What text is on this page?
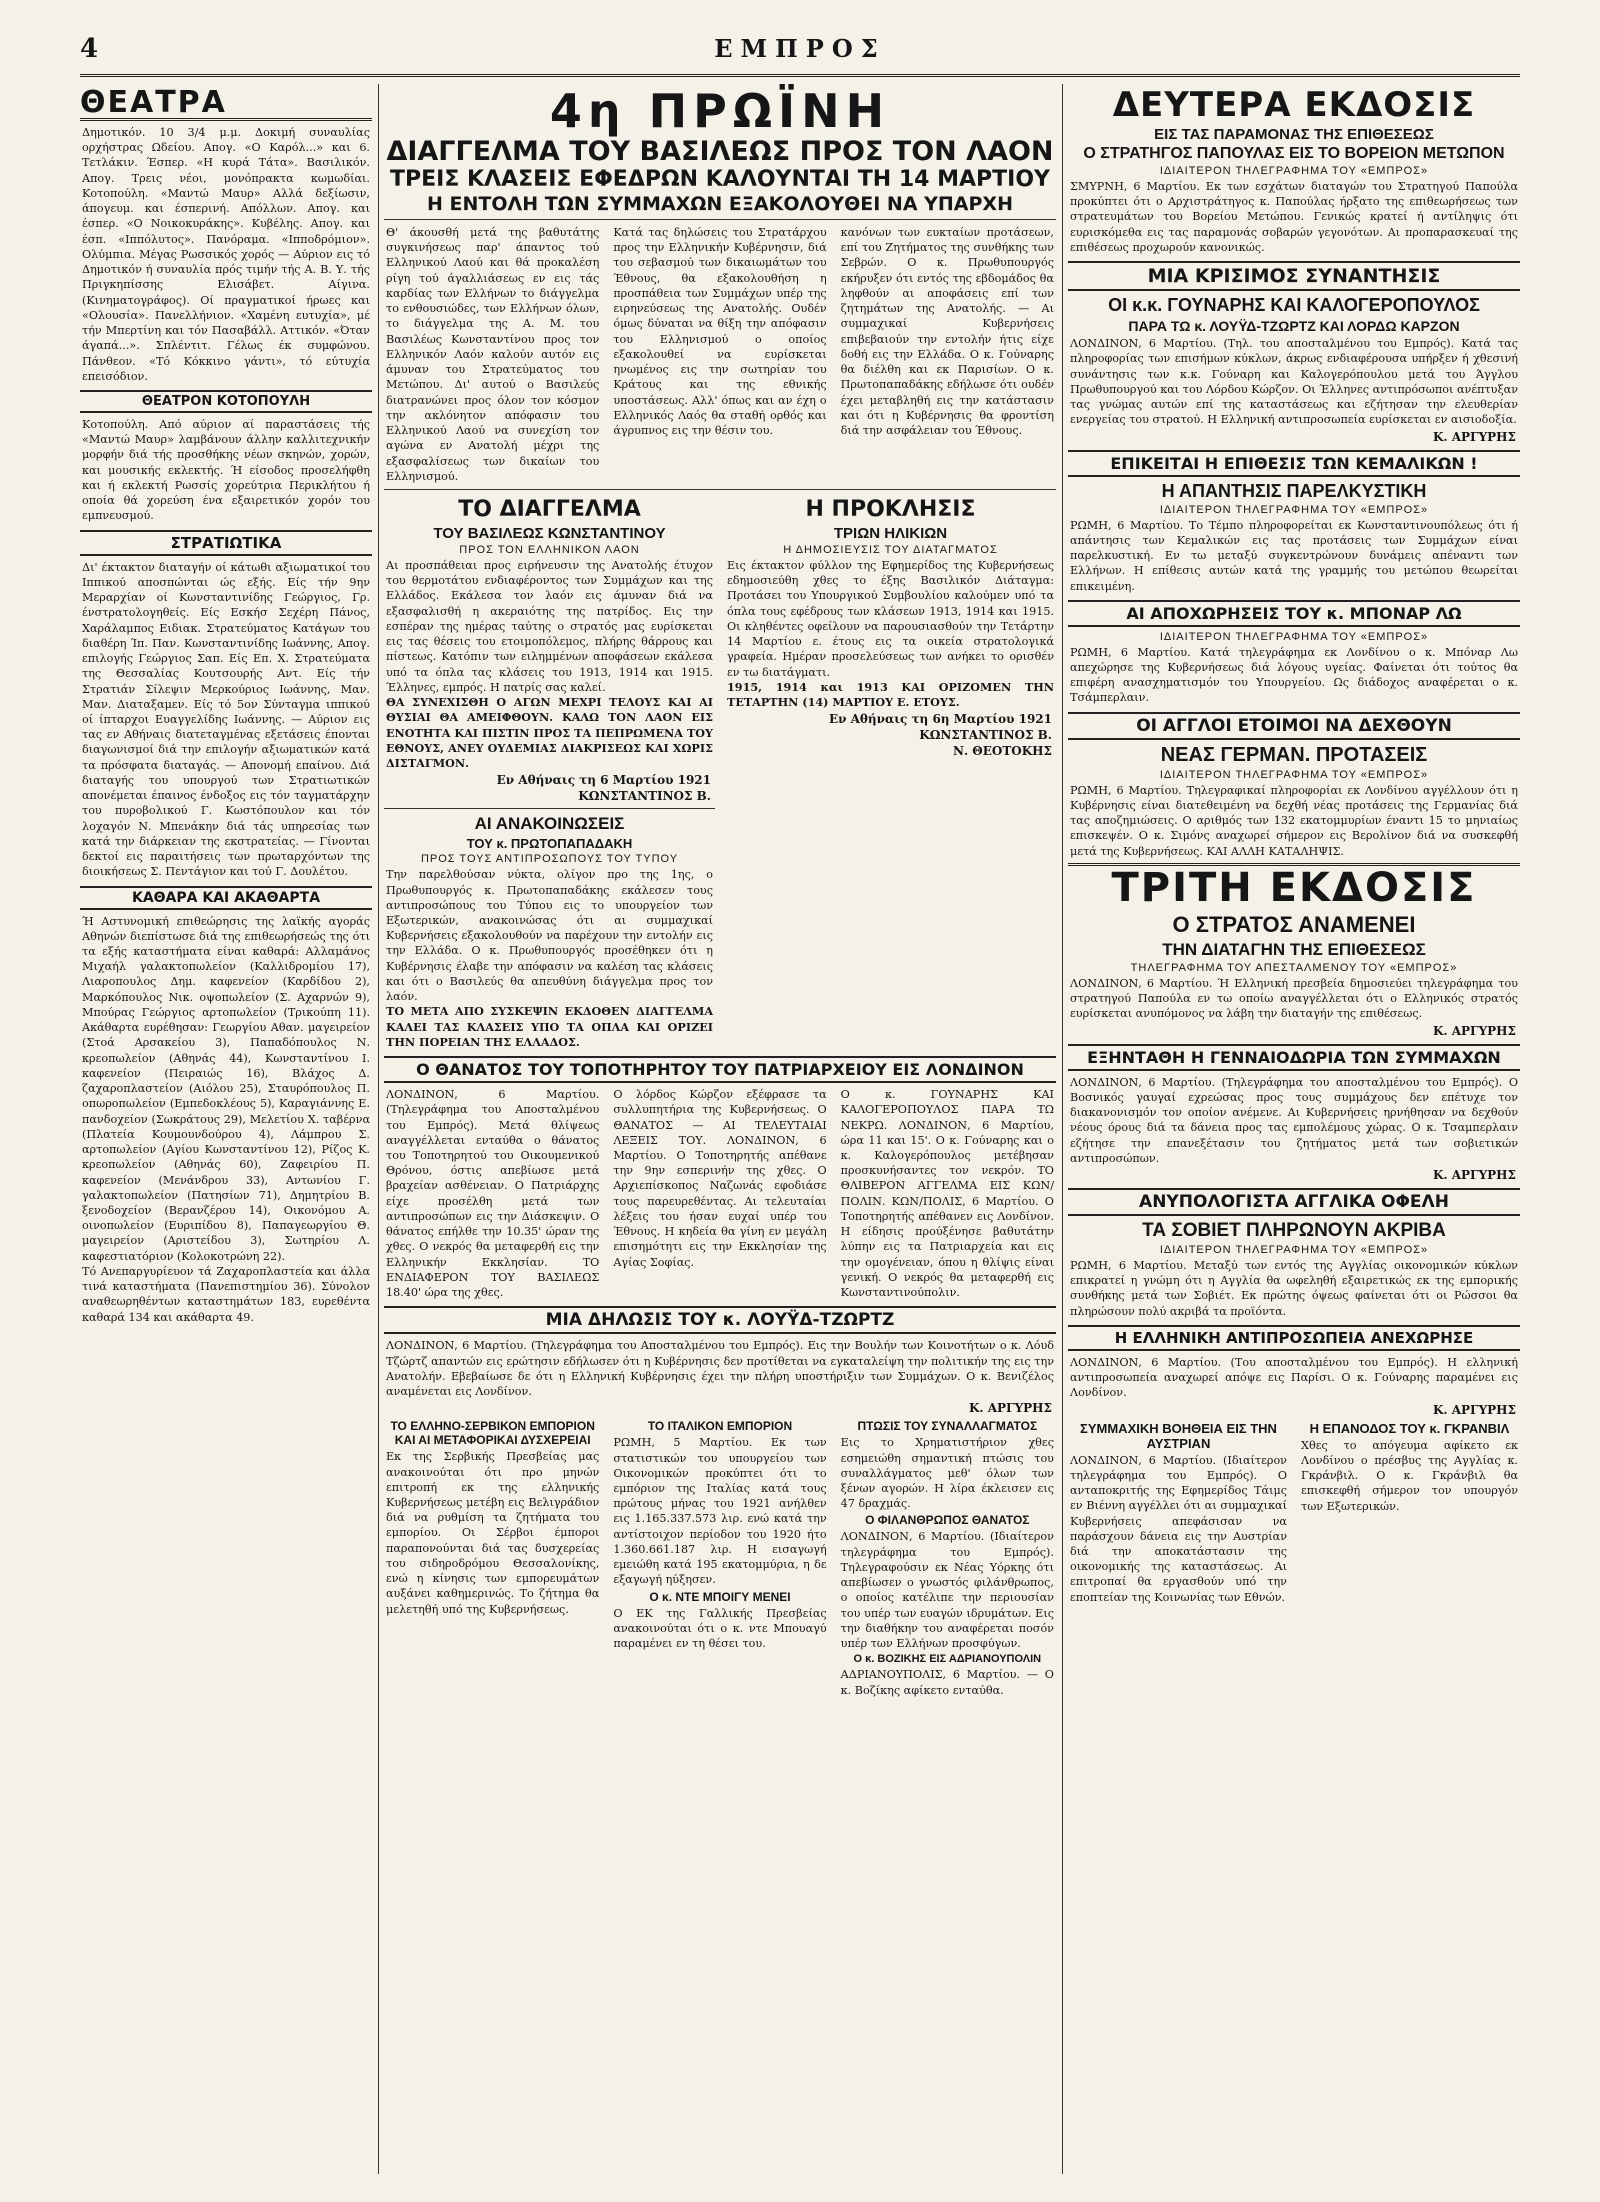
4	ΕΜΠΡΟΣ
ΘΕΑΤΡΑ

Δημοτικόν. 10 3/4 μ.μ. Δοκιμή συναυλίας ορχήστρας Ωδείου. Απογ. «Ο Καρόλ...» και 6. Τετλάκιν. Έσπερ. «Η κυρά Τάτα». Βασιλικόν. Απογ. Τρεις νέοι, μονόπρακτα κωμωδίαι. Κοτοπούλη. «Μαντώ Μαυρ» Αλλά δεξίωσιν, άπογευμ. και έσπερινή. Απόλλων. Απογ. και έσπερ. «Ο Νοικοκυράκης». Κυβέλης. Απογ. και έσπ. «Ιππόλυτος». Πανόραμα. «Ιπποδρόμιον». Ολύμπια. Μέγας Ρωσσικός χορός — Αύριον εις τό Δημοτικόν ή συναυλία πρός τιμήν τής Α. Β. Υ. τής Πριγκηπίσσης Ελισάβετ. Αίγινα. (Κινηματογράφος). Οί πραγματικοί ήρωες και «Ολουσία». Πανελλήνιον. «Χαμένη ευτυχία», μέ τήν Μπερτίνη και τόν Πασαβάλλ. Αττικόν. «Όταν άγαπά...». Σπλέντιτ. Γέλως έκ συμφώνου. Πάνθεον. «Τό Κόκκινο γάντι», τό εύτυχία επεισόδιον.

ΘΕΑΤΡΟΝ ΚΟΤΟΠΟΥΛΗ

Κοτοπούλη. Από αύριον αί παραστάσεις τής «Μαντώ Μαυρ» λαμβάνουν άλλην καλλιτεχνικήν μορφήν διά τής προσθήκης νέων σκηνών, χορών, και μουσικής εκλεκτής. Ή είσοδος προσελήφθη και ή εκλεκτή Ρωσσίς χορεύτρια Περικλήτου ή οποία θά χορεύση ένα εξαιρετικόν χορόν του εμπνευσμού.

ΣΤΡΑΤΙΩΤΙΚΑ

Δι' έκτακτον διαταγήν οί κάτωθι αξιωματικοί του Ιππικού αποσπώνται ώς εξής. Είς τήν 9ην Μεραρχίαν οί Κωνσταντινίδης Γεώργιος, Γρ. ένστρατολογηθείς. Είς Εσκήσ Σεχέρη Πάνος, Χαράλαμπος Ειδιακ. Στρατεύματος Κατάγων του διαθέρη Ίπ. Παν. Κωνσταντινίδης Ιωάννης, Απογ. επιλογής Γεώργιος Σαπ. Είς Επ. Χ. Στρατεύματα της Θεσσαλίας Κουτσουρής Αντ. Είς τήν Στρατιάν Σίλεψιν Μερκούριος Ιωάννης, Μαν. Μαν. Διαταξαμεν. Είς τό 5ον Σύνταγμα ιππικού οί ίπταρχοι Ευαγγελίδης Ιωάννης. — Αύριον εις τας εν Αθήναις διατεταγμένας εξετάσεις έπονται διαγωνισμοί διά την επιλογήν αξιωματικών κατά τα πρόσφατα διαταγάς. — Απονομή επαίνου. Διά διαταγής του υπουργού των Στρατιωτικών απονέμεται έπαινος ένδοξος εις τόν ταγματάρχην του πυροβολικού Γ. Κωστόπουλον και τόν λοχαγόν Ν. Μπενάκην διά τάς υπηρεσίας των κατά την διάρκειαν της εκστρατείας. — Γίνονται δεκτοί εις παραιτήσεις των πρωταρχόντων της διοικήσεως Σ. Πεντάγιον και τού Γ. Δουλέτου.

ΚΑΘΑΡΑ ΚΑΙ ΑΚΑΘΑΡΤΑ

Ή Αστυνομική επιθεώρησις της λαϊκής αγοράς Αθηνών διεπίστωσε διά της επιθεωρήσεώς της ότι τα εξής καταστήματα είναι καθαρά: Αλλαμάνος Μιχαήλ γαλακτοπωλείον (Καλλιδρομίου 17), Λιαροπουλος Δημ. καφενείον (Καρδίδου 2), Μαρκόπουλος Νικ. οψοπωλείον (Σ. Αχαρνών 9), Μπούρας Γεώργιος αρτοπωλείον (Τρικούπη 11). Ακάθαρτα ευρέθησαν: Γεωργίου Αθαν. μαγειρείον (Στοά Αρσακείου 3), Παπαδόπουλος Ν. κρεοπωλείον (Αθηνάς 44), Κωνσταντίνου Ι. καφενείον (Πειραιώς 16), Βλάχος Δ. ζαχαροπλαστείον (Αιόλου 25), Σταυρόπουλος Π. οπωροπωλείον (Εμπεδοκλέους 5), Καραγιάννης Ε. πανδοχείον (Σωκράτους 29), Μελετίου Χ. ταβέρνα (Πλατεία Κουμουνδούρου 4), Λάμπρου Σ. αρτοπωλείον (Αγίου Κωνσταντίνου 12), Ρίζος Κ. κρεοπωλείον (Αθηνάς 60), Ζαφειρίου Π. καφενείον (Μενάνδρου 33), Αντωνίου Γ. γαλακτοπωλείον (Πατησίων 71), Δημητρίου Β. ξενοδοχείον (Βερανζέρου 14), Οικονόμου Α. οινοπωλείον (Ευριπίδου 8), Παπαγεωργίου Θ. μαγειρείον (Αριστείδου 3), Σωτηρίου Λ. καφεστιατόριον (Κολοκοτρώνη 22).

Τό Ανεπαργυρίευον τά Ζαχαροπλαστεία και άλλα τινά καταστήματα (Πανεπιστημίου 36). Σύνολον αναθεωρηθέντων καταστημάτων 183, ευρεθέντα καθαρά 134 και ακάθαρτα 49.

4η ΠΡΩΪΝΗ
ΔΙΑΓΓΕΛΜΑ ΤΟΥ ΒΑΣΙΛΕΩΣ ΠΡΟΣ ΤΟΝ ΛΑΟΝ
ΤΡΕΙΣ ΚΛΑΣΕΙΣ ΕΦΕΔΡΩΝ ΚΑΛΟΥΝΤΑΙ ΤΗ 14 ΜΑΡΤΙΟΥ
Η ΕΝΤΟΛΗ ΤΩΝ ΣΥΜΜΑΧΩΝ ΕΞΑΚΟΛΟΥΘΕΙ ΝΑ ΥΠΑΡΧΗ

Θ' άκουσθή μετά της βαθυτάτης συγκινήσεως παρ' άπαντος τού Ελληνικού Λαού και θά προκαλέση ρίγη τού άγαλλιάσεως εν εις τάς καρδίας των Ελλήνων το διάγγελμα το ενθουσιώδες, των Ελλήνων όλων, το διάγγελμα της Α. Μ. του Βασιλέως Κωνσταντίνου προς τον Ελληνικόν Λαόν καλούν αυτόν εις άμυναν του Στρατεύματος του Μετώπου. Δι' αυτού ο Βασιλεύς διατρανώνει προς όλον τον κόσμον την ακλόνητον απόφασιν του Ελληνικού Λαού να συνεχίση τον αγώνα εν Ανατολή μέχρι της εξασφαλίσεως των δικαίων του Ελληνισμού.

Κατά τας δηλώσεις του Στρατάρχου προς την Ελληνικήν Κυβέρνησιν, διά του σεβασμού των δικαιωμάτων του Έθνους, θα εξακολουθήση η προσπάθεια των Συμμάχων υπέρ της ειρηνεύσεως της Ανατολής. Ουδέν όμως δύναται να θίξη την απόφασιν του Ελληνισμού ο οποίος εξακολουθεί να ευρίσκεται ηνωμένος εις την σωτηρίαν του Κράτους και της εθνικής υποστάσεως. Αλλ' όπως και αν έχη ο Ελληνικός Λαός θα σταθή ορθός και άγρυπνος εις την θέσιν του.

κανόνων των ευκταίων προτάσεων, επί του Ζητήματος της συνθήκης των Σεβρών. Ο κ. Πρωθυπουργός εκήρυξεν ότι εντός της εβδομάδος θα ληφθούν αι αποφάσεις επί των ζητημάτων της Ανατολής. — Αι συμμαχικαί Κυβερνήσεις επιβεβαιούν την εντολήν ήτις είχε δοθή εις την Ελλάδα. Ο κ. Γούναρης θα διέλθη και εκ Παρισίων. Ο κ. Πρωτοπαπαδάκης εδήλωσε ότι ουδέν έχει μεταβληθή εις την κατάστασιν και ότι η Κυβέρνησις θα φροντίση διά την ασφάλειαν του Έθνους.

ΤΟ ΔΙΑΓΓΕΛΜΑ
ΤΟΥ ΒΑΣΙΛΕΩΣ ΚΩΝΣΤΑΝΤΙΝΟΥ
ΠΡΟΣ ΤΟΝ ΕΛΛΗΝΙΚΟΝ ΛΑΟΝ

Αι προσπάθειαι προς ειρήνευσιν της Ανατολής έτυχον του θερμοτάτου ενδιαφέροντος των Συμμάχων και της Ελλάδος. Εκάλεσα τον λαόν εις άμυναν διά να εξασφαλισθή η ακεραιότης της πατρίδος. Εις την εσπέραν της ημέρας ταύτης ο στρατός μας ευρίσκεται εις τας θέσεις του ετοιμοπόλεμος, πλήρης θάρρους και πίστεως. Κατόπιν των ειλημμένων αποφάσεων εκάλεσα υπό τα όπλα τας κλάσεις του 1913, 1914 και 1915. Έλληνες, εμπρός. Η πατρίς σας καλεί.

ΘΑ ΣΥΝΕΧΙΣΘΗ Ο ΑΓΩΝ ΜΕΧΡΙ ΤΕΛΟΥΣ ΚΑΙ ΑΙ ΘΥΣΙΑΙ ΘΑ ΑΜΕΙΦΘΟΥΝ. ΚΑΛΩ ΤΟΝ ΛΑΟΝ ΕΙΣ ΕΝΟΤΗΤΑ ΚΑΙ ΠΙΣΤΙΝ ΠΡΟΣ ΤΑ ΠΕΠΡΩΜΕΝΑ ΤΟΥ ΕΘΝΟΥΣ, ΑΝΕΥ ΟΥΔΕΜΙΑΣ ΔΙΑΚΡΙΣΕΩΣ ΚΑΙ ΧΩΡΙΣ ΔΙΣΤΑΓΜΟΝ.

Εν Αθήναις τη 6 Μαρτίου 1921
ΚΩΝΣΤΑΝΤΙΝΟΣ Β.
ΑΙ ΑΝΑΚΟΙΝΩΣΕΙΣ
ΤΟΥ κ. ΠΡΩΤΟΠΑΠΑΔΑΚΗ
ΠΡΟΣ ΤΟΥΣ ΑΝΤΙΠΡΟΣΩΠΟΥΣ ΤΟΥ ΤΥΠΟΥ

Την παρελθούσαν νύκτα, ολίγον προ της 1ης, ο Πρωθυπουργός κ. Πρωτοπαπαδάκης εκάλεσεν τους αντιπροσώπους του Τύπου εις το υπουργείον των Εξωτερικών, ανακοινώσας ότι αι συμμαχικαί Κυβερνήσεις εξακολουθούν να παρέχουν την εντολήν εις την Ελλάδα. Ο κ. Πρωθυπουργός προσέθηκεν ότι η Κυβέρνησις έλαβε την απόφασιν να καλέση τας κλάσεις και ότι ο Βασιλεύς θα απευθύνη διάγγελμα προς τον λαόν.

ΤΟ ΜΕΤΑ ΑΠΟ ΣΥΣΚΕΨΙΝ ΕΚΔΟΘΕΝ ΔΙΑΓΓΕΛΜΑ ΚΑΛΕΙ ΤΑΣ ΚΛΑΣΕΙΣ ΥΠΟ ΤΑ ΟΠΛΑ ΚΑΙ ΟΡΙΖΕΙ ΤΗΝ ΠΟΡΕΙΑΝ ΤΗΣ ΕΛΛΑΔΟΣ.

Η ΠΡΟΚΛΗΣΙΣ
ΤΡΙΩΝ ΗΛΙΚΙΩΝ
Η ΔΗΜΟΣΙΕΥΣΙΣ ΤΟΥ ΔΙΑΤΑΓΜΑΤΟΣ

Εις έκτακτον φύλλον της Εφημερίδος της Κυβερνήσεως εδημοσιεύθη χθες το έξης Βασιλικόν Διάταγμα: Προτάσει του Υπουργικού Συμβουλίου καλούμεν υπό τα όπλα τους εφέδρους των κλάσεων 1913, 1914 και 1915. Οι κληθέντες οφείλουν να παρουσιασθούν την Τετάρτην 14 Μαρτίου ε. έτους εις τα οικεία στρατολογικά γραφεία. Ημέραν προσελεύσεως των ανήκει το ορισθέν εν τω διατάγματι.

1915, 1914 και 1913 ΚΑΙ ΟΡΙΖΟΜΕΝ ΤΗΝ ΤΕΤΑΡΤΗΝ (14) ΜΑΡΤΙΟΥ Ε. ΕΤΟΥΣ.

Εν Αθήναις τη 6η Μαρτίου 1921
ΚΩΝΣΤΑΝΤΙΝΟΣ Β.
Ν. ΘΕΟΤΟΚΗΣ
Ο ΘΑΝΑΤΟΣ ΤΟΥ ΤΟΠΟΤΗΡΗΤΟΥ ΤΟΥ ΠΑΤΡΙΑΡΧΕΙΟΥ ΕΙΣ ΛΟΝΔΙΝΟΝ

ΛΟΝΔΙΝΟΝ, 6 Μαρτίου. (Τηλεγράφημα του Αποσταλμένου του Εμπρός). Μετά θλίψεως αναγγέλλεται ενταύθα ο θάνατος του Τοποτηρητού του Οικουμενικού Θρόνου, όστις απεβίωσε μετά βραχείαν ασθένειαν. Ο Πατριάρχης είχε προσέλθη μετά των αντιπροσώπων εις την Διάσκεψιν. Ο θάνατος επήλθε την 10.35' ώραν της χθες. Ο νεκρός θα μεταφερθή εις την Ελληνικήν Εκκλησίαν. ΤΟ ΕΝΔΙΑΦΕΡΟΝ ΤΟΥ ΒΑΣΙΛΕΩΣ 18.40' ώρα της χθες.

Ο λόρδος Κώρζον εξέφρασε τα συλλυπητήρια της Κυβερνήσεως. Ο ΘΑΝΑΤΟΣ — ΑΙ ΤΕΛΕΥΤΑΙΑΙ ΛΕΞΕΙΣ ΤΟΥ. ΛΟΝΔΙΝΟΝ, 6 Μαρτίου. Ο Τοποτηρητής απέθανε την 9ην εσπερινήν της χθες. Ο Αρχιεπίσκοπος Ναζωνάς εφοδιάσε τους παρευρεθέντας. Αι τελευταίαι λέξεις του ήσαν ευχαί υπέρ του Έθνους. Η κηδεία θα γίνη εν μεγάλη επισημότητι εις την Εκκλησίαν της Αγίας Σοφίας.

Ο κ. ΓΟΥΝΑΡΗΣ ΚΑΙ ΚΑΛΟΓΕΡΟΠΟΥΛΟΣ ΠΑΡΑ ΤΩ ΝΕΚΡΩ. ΛΟΝΔΙΝΟΝ, 6 Μαρτίου, ώρα 11 και 15'. Ο κ. Γούναρης και ο κ. Καλογερόπουλος μετέβησαν προσκυνήσαντες τον νεκρόν. ΤΟ ΘΛΙΒΕΡΟΝ ΑΓΓΕΛΜΑ ΕΙΣ ΚΩΝ/ΠΟΛΙΝ. ΚΩΝ/ΠΟΛΙΣ, 6 Μαρτίου. Ο Τοποτηρητής απέθανεν εις Λονδίνον. Η είδησις προύξένησε βαθυτάτην λύπην εις τα Πατριαρχεία και εις την ομογένειαν, όπου η θλίψις είναι γενική. Ο νεκρός θα μεταφερθή εις Κωνσταντινούπολιν.

ΜΙΑ ΔΗΛΩΣΙΣ ΤΟΥ κ. ΛΟΥΫΔ-ΤΖΩΡΤΖ

ΛΟΝΔΙΝΟΝ, 6 Μαρτίου. (Τηλεγράφημα του Αποσταλμένου του Εμπρός). Εις την Βουλήν των Κοινοτήτων ο κ. Λόυδ Τζώρτζ απαντών εις ερώτησιν εδήλωσεν ότι η Κυβέρνησις δεν προτίθεται να εγκαταλείψη την πολιτικήν της εις την Ανατολήν. Εβεβαίωσε δε ότι η Ελληνική Κυβέρνησις έχει την πλήρη υποστήριξιν των Συμμάχων. Ο κ. Βενιζέλος αναμένεται εις Λονδίνον.

Κ. ΑΡΓΥΡΗΣ
ΤΟ ΕΛΛΗΝΟ-ΣΕΡΒΙΚΟΝ ΕΜΠΟΡΙΟΝ ΚΑΙ ΑΙ ΜΕΤΑΦΟΡΙΚΑΙ ΔΥΣΧΕΡΕΙΑΙ

Εκ της Σερβικής Πρεσβείας μας ανακοινούται ότι προ μηνών επιτροπή εκ της ελληνικής Κυβερνήσεως μετέβη εις Βελιγράδιον διά να ρυθμίση τα ζητήματα του εμπορίου. Οι Σέρβοι έμποροι παραπονούνται διά τας δυσχερείας του σιδηροδρόμου Θεσσαλονίκης, ενώ η κίνησις των εμπορευμάτων αυξάνει καθημερινώς. Το ζήτημα θα μελετηθή υπό της Κυβερνήσεως.

ΤΟ ΙΤΑΛΙΚΟΝ ΕΜΠΟΡΙΟΝ

ΡΩΜΗ, 5 Μαρτίου. Εκ των στατιστικών του υπουργείου των Οικονομικών προκύπτει ότι το εμπόριον της Ιταλίας κατά τους πρώτους μήνας του 1921 ανήλθεν εις 1.165.337.573 λιρ. ενώ κατά την αντίστοιχον περίοδον του 1920 ήτο 1.360.661.187 λιρ. Η εισαγωγή εμειώθη κατά 195 εκατομμύρια, η δε εξαγωγή ηύξησεν.

Ο κ. ΝΤΕ ΜΠΟΙΓΥ ΜΕΝΕΙ

Ο ΕΚ της Γαλλικής Πρεσβείας ανακοινούται ότι ο κ. ντε Μπουαγύ παραμένει εν τη θέσει του.

ΠΤΩΣΙΣ ΤΟΥ ΣΥΝΑΛΛΑΓΜΑΤΟΣ

Εις το Χρηματιστήριον χθες εσημειώθη σημαντική πτώσις του συναλλάγματος μεθ' όλων των ξένων αγορών. Η λίρα έκλεισεν εις 47 δραχμάς.

Ο ΦΙΛΑΝΘΡΩΠΟΣ ΘΑΝΑΤΟΣ

ΛΟΝΔΙΝΟΝ, 6 Μαρτίου. (Ιδιαίτερον τηλεγράφημα του Εμπρός). Τηλεγραφούσιν εκ Νέας Υόρκης ότι απεβίωσεν ο γνωστός φιλάνθρωπος, ο οποίος κατέλιπε την περιουσίαν του υπέρ των ευαγών ιδρυμάτων. Εις την διαθήκην του αναφέρεται ποσόν υπέρ των Ελλήνων προσφύγων.

Ο κ. ΒΟΖΙΚΗΣ ΕΙΣ ΑΔΡΙΑΝΟΥΠΟΛΙΝ

ΑΔΡΙΑΝΟΥΠΟΛΙΣ, 6 Μαρτίου. — Ο κ. Βοζίκης αφίκετο ενταύθα.

ΔΕΥΤΕΡΑ ΕΚΔΟΣΙΣ
ΕΙΣ ΤΑΣ ΠΑΡΑΜΟΝΑΣ ΤΗΣ ΕΠΙΘΕΣΕΩΣ
Ο ΣΤΡΑΤΗΓΟΣ ΠΑΠΟΥΛΑΣ ΕΙΣ ΤΟ ΒΟΡΕΙΟΝ ΜΕΤΩΠΟΝ
ΙΔΙΑΙΤΕΡΟΝ ΤΗΛΕΓΡΑΦΗΜΑ ΤΟΥ «ΕΜΠΡΟΣ»

ΣΜΥΡΝΗ, 6 Μαρτίου. Εκ των εσχάτων διαταγών του Στρατηγού Παπούλα προκύπτει ότι ο Αρχιστράτηγος κ. Παπούλας ήρξατο της επιθεωρήσεως των στρατευμάτων του Βορείου Μετώπου. Γενικώς κρατεί ή αντίληψις ότι ευρισκόμεθα εις τας παραμονάς σοβαρών γεγονότων. Αι προπαρασκευαί της επιθέσεως προχωρούν κανονικώς.

ΜΙΑ ΚΡΙΣΙΜΟΣ ΣΥΝΑΝΤΗΣΙΣ
ΟΙ κ.κ. ΓΟΥΝΑΡΗΣ ΚΑΙ ΚΑΛΟΓΕΡΟΠΟΥΛΟΣ
ΠΑΡΑ ΤΩ κ. ΛΟΥΫΔ-ΤΖΩΡΤΖ ΚΑΙ ΛΟΡΔΩ ΚΑΡΖΟΝ

ΛΟΝΔΙΝΟΝ, 6 Μαρτίου. (Τηλ. του αποσταλμένου του Εμπρός). Κατά τας πληροφορίας των επισήμων κύκλων, άκρως ενδιαφέρουσα υπήρξεν ή χθεσινή συνάντησις των κ.κ. Γούναρη και Καλογερόπουλου μετά του Άγγλου Πρωθυπουργού και του Λόρδου Κώρζον. Οι Έλληνες αντιπρόσωποι ανέπτυξαν τας γνώμας αυτών επί της καταστάσεως και εζήτησαν την ελευθερίαν ενεργείας του στρατού. Η Ελληνική αντιπροσωπεία ευρίσκεται εν αισιοδοξία.

Κ. ΑΡΓΥΡΗΣ
ΕΠΙΚΕΙΤΑΙ Η ΕΠΙΘΕΣΙΣ ΤΩΝ ΚΕΜΑΛΙΚΩΝ !
Η ΑΠΑΝΤΗΣΙΣ ΠΑΡΕΛΚΥΣΤΙΚΗ
ΙΔΙΑΙΤΕΡΟΝ ΤΗΛΕΓΡΑΦΗΜΑ ΤΟΥ «ΕΜΠΡΟΣ»

ΡΩΜΗ, 6 Μαρτίου. Το Τέμπο πληροφορείται εκ Κωνσταντινουπόλεως ότι ή απάντησις των Κεμαλικών εις τας προτάσεις των Συμμάχων είναι παρελκυστική. Εν τω μεταξύ συγκεντρώνουν δυνάμεις απέναντι των Ελλήνων. Η επίθεσις αυτών κατά της γραμμής του μετώπου θεωρείται επικειμένη.

ΑΙ ΑΠΟΧΩΡΗΣΕΙΣ ΤΟΥ κ. ΜΠΟΝΑΡ ΛΩ
ΙΔΙΑΙΤΕΡΟΝ ΤΗΛΕΓΡΑΦΗΜΑ ΤΟΥ «ΕΜΠΡΟΣ»

ΡΩΜΗ, 6 Μαρτίου. Κατά τηλεγράφημα εκ Λονδίνου ο κ. Μπόναρ Λω απεχώρησε της Κυβερνήσεως διά λόγους υγείας. Φαίνεται ότι τούτος θα επιφέρη ανασχηματισμόν του Υπουργείου. Ως διάδοχος αναφέρεται ο κ. Τσάμπερλαιν.

ΟΙ ΑΓΓΛΟΙ ΕΤΟΙΜΟΙ ΝΑ ΔΕΧΘΟΥΝ
ΝΕΑΣ ΓΕΡΜΑΝ. ΠΡΟΤΑΣΕΙΣ
ΙΔΙΑΙΤΕΡΟΝ ΤΗΛΕΓΡΑΦΗΜΑ ΤΟΥ «ΕΜΠΡΟΣ»

ΡΩΜΗ, 6 Μαρτίου. Τηλεγραφικαί πληροφορίαι εκ Λονδίνου αγγέλλουν ότι η Κυβέρνησις είναι διατεθειμένη να δεχθή νέας προτάσεις της Γερμανίας διά τας αποζημιώσεις. Ο αριθμός των 132 εκατομμυρίων έναντι 15 το μηνιαίως επισκεψέν. Ο κ. Σιμόνς αναχωρεί σήμερον εις Βερολίνον διά να συσκεφθή μετά της Κυβερνήσεως. ΚΑΙ ΑΛΛΗ ΚΑΤΑΛΗΨΙΣ.

ΤΡΙΤΗ ΕΚΔΟΣΙΣ
Ο ΣΤΡΑΤΟΣ ΑΝΑΜΕΝΕΙ
ΤΗΝ ΔΙΑΤΑΓΗΝ ΤΗΣ ΕΠΙΘΕΣΕΩΣ
ΤΗΛΕΓΡΑΦΗΜΑ ΤΟΥ ΑΠΕΣΤΑΛΜΕΝΟΥ ΤΟΥ «ΕΜΠΡΟΣ»

ΛΟΝΔΙΝΟΝ, 6 Μαρτίου. Ή Ελληνική πρεσβεία δημοσιεύει τηλεγράφημα του στρατηγού Παπούλα εν τω οποίω αναγγέλλεται ότι ο Ελληνικός στρατός ευρίσκεται ανυπόμονος να λάβη την διαταγήν της επιθέσεως.

Κ. ΑΡΓΥΡΗΣ
ΕΞΗΝΤΑΘΗ Η ΓΕΝΝΑΙΟΔΩΡΙΑ ΤΩΝ ΣΥΜΜΑΧΩΝ

ΛΟΝΔΙΝΟΝ, 6 Μαρτίου. (Τηλεγράφημα του αποσταλμένου του Εμπρός). Ο Βοσνικός γαυγαί εχρεώσας προς τους συμμάχους δεν επέτυχε τον διακανονισμόν τον οποίον ανέμενε. Αι Κυβερνήσεις ηρνήθησαν να δεχθούν νέους όρους διά τα δάνεια προς τας εμπολέμους χώρας. Ο κ. Τσαμπερλαιν εζήτησε την επανεξέτασιν του ζητήματος μετά των σοβιετικών αντιπροσώπων.

Κ. ΑΡΓΥΡΗΣ
ΑΝΥΠΟΛΟΓΙΣΤΑ ΑΓΓΛΙΚΑ ΟΦΕΛΗ
ΤΑ ΣΟΒΙΕΤ ΠΛΗΡΩΝΟΥΝ ΑΚΡΙΒΑ
ΙΔΙΑΙΤΕΡΟΝ ΤΗΛΕΓΡΑΦΗΜΑ ΤΟΥ «ΕΜΠΡΟΣ»

ΡΩΜΗ, 6 Μαρτίου. Μεταξύ των εντός της Αγγλίας οικονομικών κύκλων επικρατεί η γνώμη ότι η Αγγλία θα ωφεληθή εξαιρετικώς εκ της εμπορικής συνθήκης μετά των Σοβιέτ. Εκ πρώτης όψεως φαίνεται ότι οι Ρώσσοι θα πληρώσουν πολύ ακριβά τα προϊόντα.

Η ΕΛΛΗΝΙΚΗ ΑΝΤΙΠΡΟΣΩΠΕΙΑ ΑΝΕΧΩΡΗΣΕ

ΛΟΝΔΙΝΟΝ, 6 Μαρτίου. (Του αποσταλμένου του Εμπρός). Η ελληνική αντιπροσωπεία αναχωρεί απόψε εις Παρίσι. Ο κ. Γούναρης παραμένει εις Λονδίνον.

Κ. ΑΡΓΥΡΗΣ
ΣΥΜΜΑΧΙΚΗ ΒΟΗΘΕΙΑ ΕΙΣ ΤΗΝ ΑΥΣΤΡΙΑΝ

ΛΟΝΔΙΝΟΝ, 6 Μαρτίου. (Ιδιαίτερον τηλεγράφημα του Εμπρός). Ο ανταποκριτής της Εφημερίδος Τάιμς εν Βιέννη αγγέλλει ότι αι συμμαχικαί Κυβερνήσεις απεφάσισαν να παράσχουν δάνεια εις την Αυστρίαν διά την αποκατάστασιν της οικονομικής της καταστάσεως. Αι επιτροπαί θα εργασθούν υπό την εποπτείαν της Κοινωνίας των Εθνών.

Η ΕΠΑΝΟΔΟΣ ΤΟΥ κ. ΓΚΡΑΝΒΙΛ

Χθες το απόγευμα αφίκετο εκ Λονδίνου ο πρέσβυς της Αγγλίας κ. Γκράνβιλ. Ο κ. Γκράνβιλ θα επισκεφθή σήμερον τον υπουργόν των Εξωτερικών.
